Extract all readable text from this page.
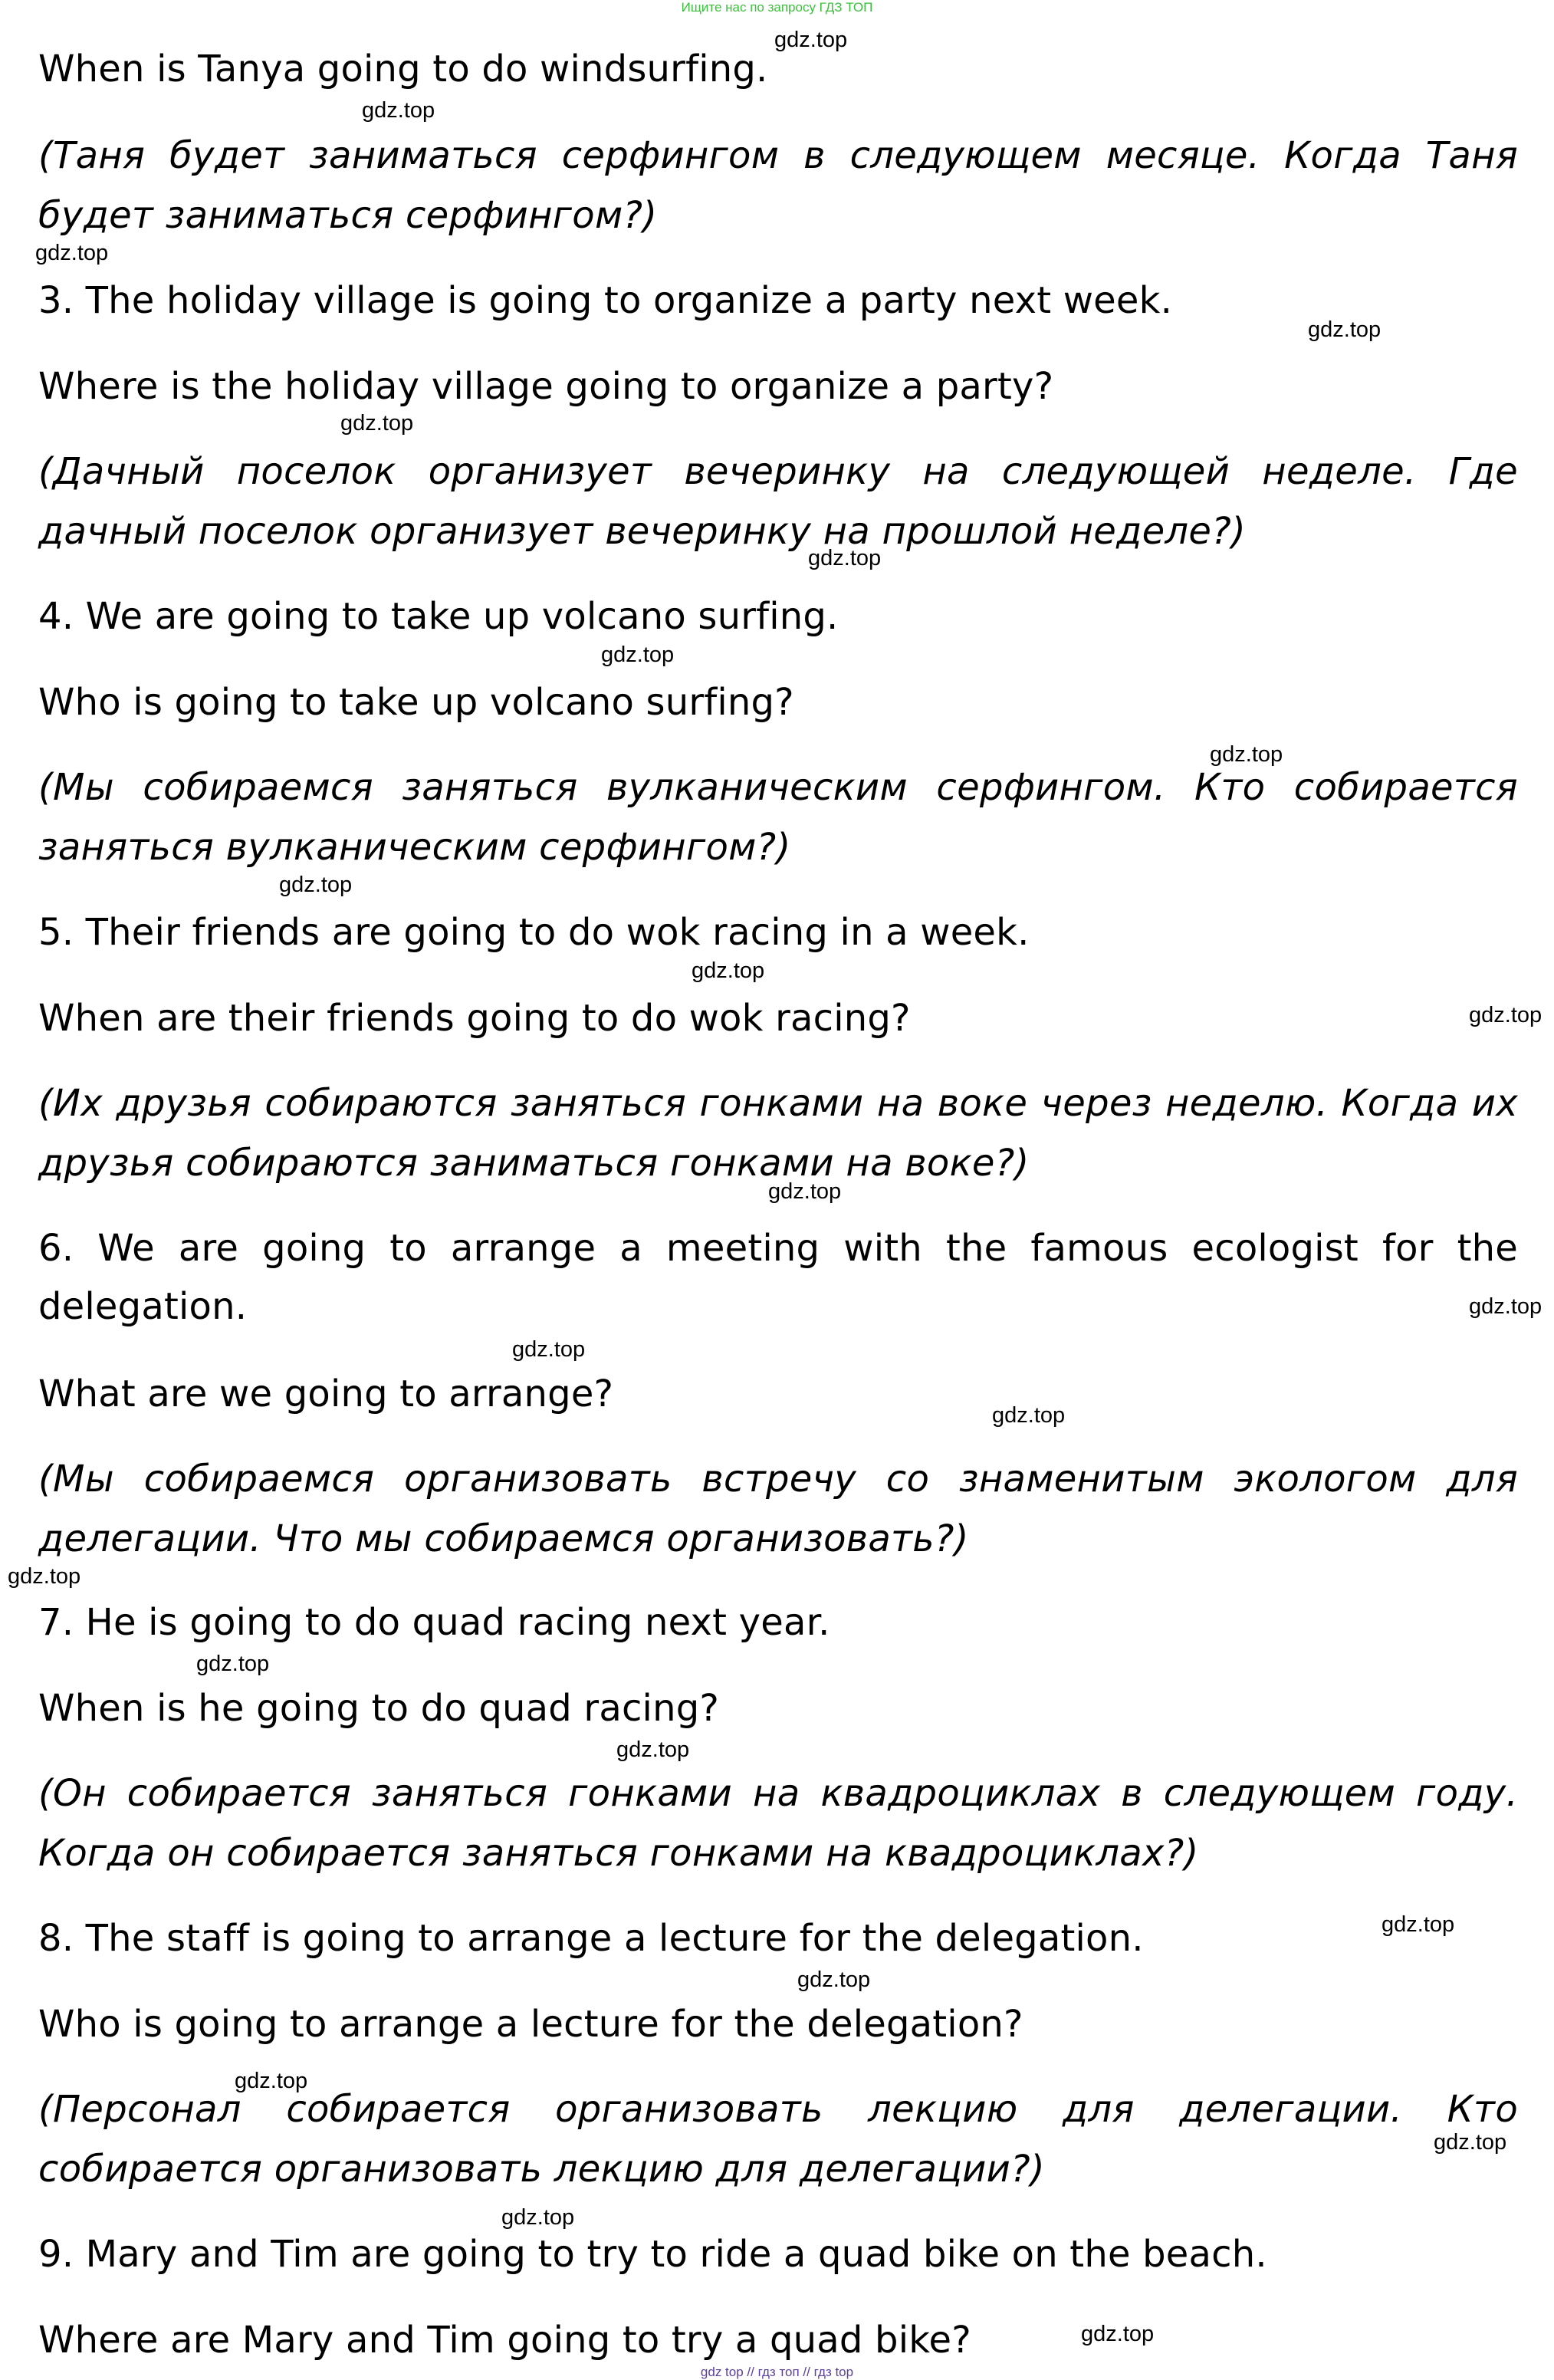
Ищите нас по запросу ГДЗ ТОП
When is Tanya going to do windsurfing.
(Таня будет заниматься серфингом в следующем месяце. Когда Таня будет заниматься серфингом?)
3. The holiday village is going to organize a party next week.
Where is the holiday village going to organize a party?
(Дачный поселок организует вечеринку на следующей неделе. Где дачный поселок организует вечеринку на прошлой неделе?)
4. We are going to take up volcano surfing.
Who is going to take up volcano surfing?
(Мы собираемся заняться вулканическим серфингом. Кто собирается заняться вулканическим серфингом?)
5. Their friends are going to do wok racing in a week.
When are their friends going to do wok racing?
(Их друзья собираются заняться гонками на воке через неделю. Когда их друзья собираются заниматься гонками на воке?)
6. We are going to arrange a meeting with the famous ecologist for the delegation.
What are we going to arrange?
(Мы собираемся организовать встречу со знаменитым экологом для делегации. Что мы собираемся организовать?)
7. He is going to do quad racing next year.
When is he going to do quad racing?
(Он собирается заняться гонками на квадроциклах в следующем году. Когда он собирается заняться гонками на квадроциклах?)
8. The staff is going to arrange a lecture for the delegation.
Who is going to arrange a lecture for the delegation?
(Персонал собирается организовать лекцию для делегации. Кто собирается организовать лекцию для делегации?)
9. Mary and Tim are going to try to ride a quad bike on the beach.
Where are Mary and Tim going to try a quad bike?
gdz.top
gdz.top
gdz.top
gdz.top
gdz.top
gdz.top
gdz.top
gdz.top
gdz.top
gdz.top
gdz.top
gdz.top
gdz.top
gdz.top
gdz.top
gdz.top
gdz.top
gdz.top
gdz.top
gdz.top
gdz.top
gdz.top
gdz.top
gdz.top
gdz top // гдз топ // гдз top
